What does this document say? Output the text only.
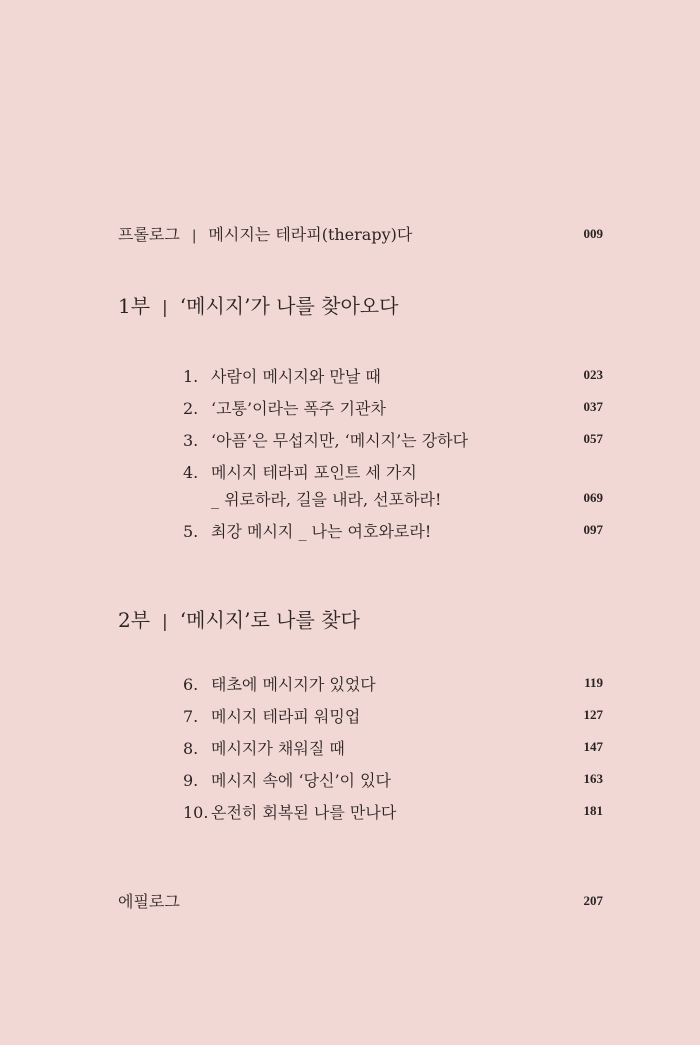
프롤로그 | 메시지는 테라피(therapy)다	009
1부 | ‘메시지’가 나를 찾아오다
1. 사람이 메시지와 만날 때	023
2. ‘고통’이라는 폭주 기관차	037
3. ‘아픔’은 무섭지만, ‘메시지’는 강하다	057
4. 메시지 테라피 포인트 세 가지
_ 위로하라, 길을 내라, 선포하라!	069
5. 최강 메시지 _ 나는 여호와로라!	097
2부 | ‘메시지’로 나를 찾다
6. 태초에 메시지가 있었다	119
7. 메시지 테라피 워밍업	127
8. 메시지가 채워질 때	147
9. 메시지 속에 ‘당신’이 있다	163
10. 온전히 회복된 나를 만나다	181
에필로그	207
